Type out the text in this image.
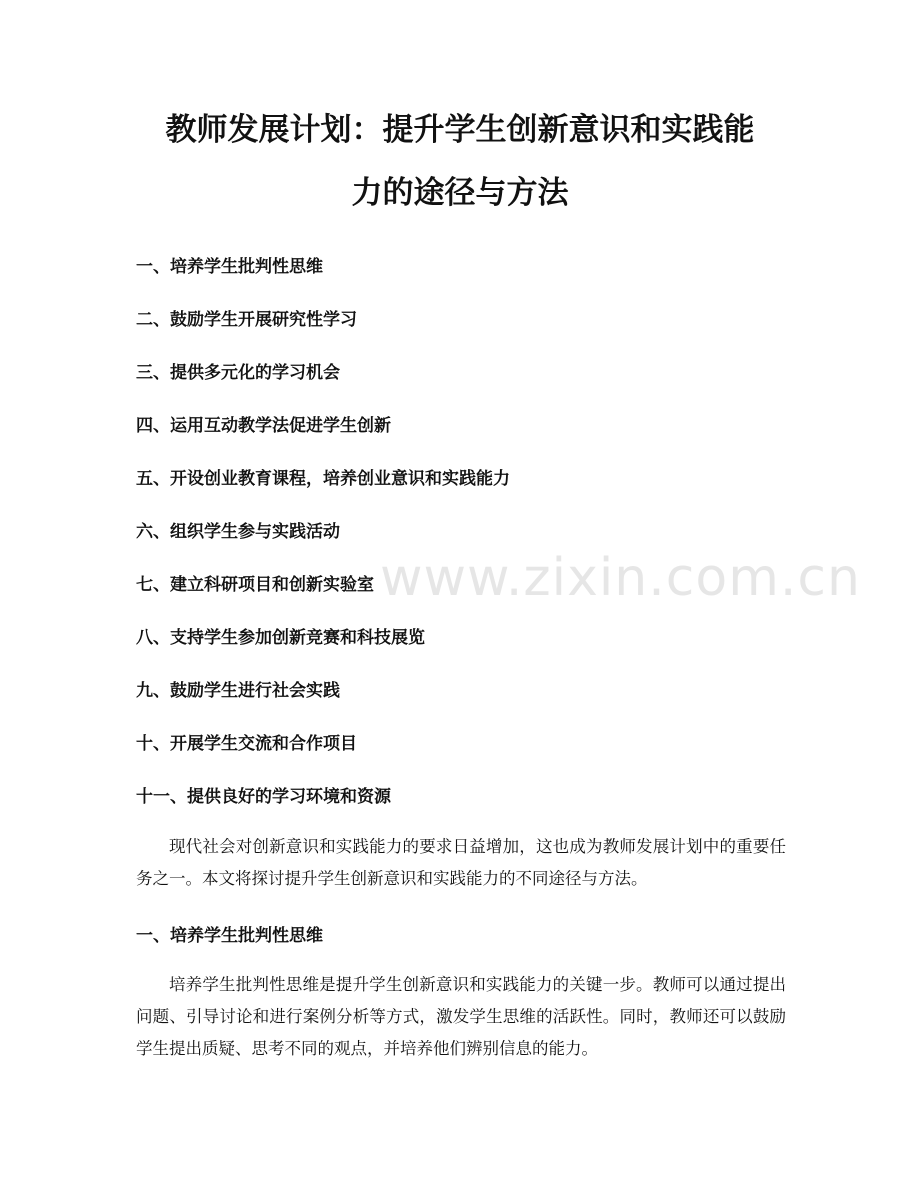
教师发展计划：提升学生创新意识和实践能
力的途径与方法
一、培养学生批判性思维
二、鼓励学生开展研究性学习
三、提供多元化的学习机会
四、运用互动教学法促进学生创新
五、开设创业教育课程，培养创业意识和实践能力
六、组织学生参与实践活动
七、建立科研项目和创新实验室
八、支持学生参加创新竞赛和科技展览
九、鼓励学生进行社会实践
十、开展学生交流和合作项目
十一、提供良好的学习环境和资源
现代社会对创新意识和实践能力的要求日益增加，这也成为教师发展计划中的重要任务之一。本文将探讨提升学生创新意识和实践能力的不同途径与方法。
一、培养学生批判性思维
培养学生批判性思维是提升学生创新意识和实践能力的关键一步。教师可以通过提出问题、引导讨论和进行案例分析等方式，激发学生思维的活跃性。同时，教师还可以鼓励学生提出质疑、思考不同的观点，并培养他们辨别信息的能力。
www.zixin.com.cn
